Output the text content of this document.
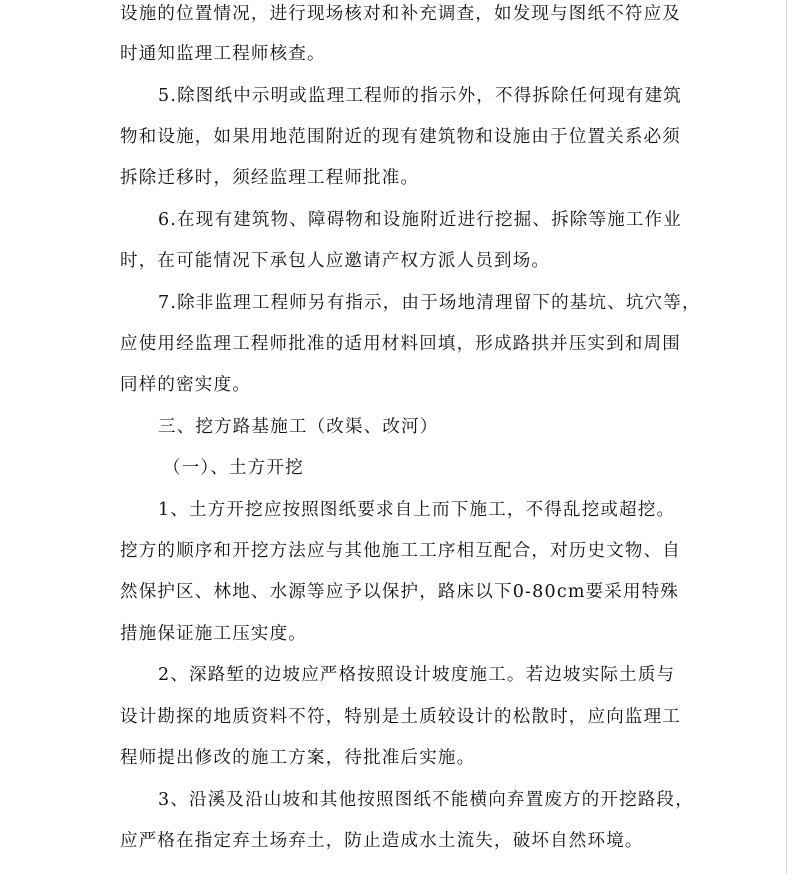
设施的位置情况，进行现场核对和补充调查，如发现与图纸不符应及

时通知监理工程师核查。

5.除图纸中示明或监理工程师的指示外，不得拆除任何现有建筑

物和设施，如果用地范围附近的现有建筑物和设施由于位置关系必须

拆除迁移时，须经监理工程师批准。

6.在现有建筑物、障碍物和设施附近进行挖掘、拆除等施工作业

时，在可能情况下承包人应邀请产权方派人员到场。

7.除非监理工程师另有指示，由于场地清理留下的基坑、坑穴等，

应使用经监理工程师批准的适用材料回填，形成路拱并压实到和周围

同样的密实度。

三、挖方路基施工（改渠、改河）

（一）、土方开挖

1、土方开挖应按照图纸要求自上而下施工，不得乱挖或超挖。

挖方的顺序和开挖方法应与其他施工工序相互配合，对历史文物、自

然保护区、林地、水源等应予以保护，路床以下0-80cm要采用特殊

措施保证施工压实度。

2、深路堑的边坡应严格按照设计坡度施工。若边坡实际土质与

设计勘探的地质资料不符，特别是土质较设计的松散时，应向监理工

程师提出修改的施工方案，待批准后实施。

3、沿溪及沿山坡和其他按照图纸不能横向弃置废方的开挖路段，

应严格在指定弃土场弃土，防止造成水土流失，破坏自然环境。
